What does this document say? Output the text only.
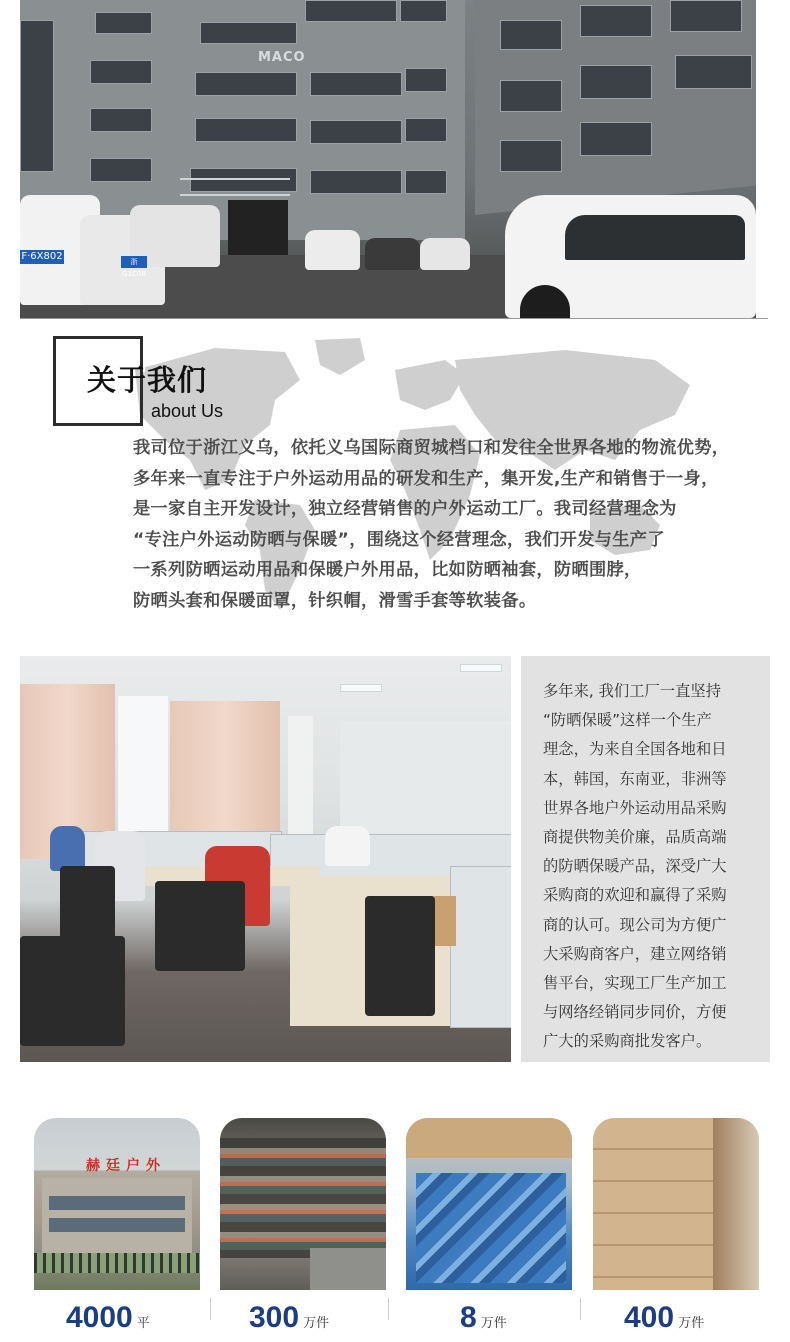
MACO
F·6X802	浙G1C08
关于我们
about Us
我司位于浙江义乌，依托义乌国际商贸城档口和发往全世界各地的物流优势，
多年来一直专注于户外运动用品的研发和生产，集开发,生产和销售于一身，
是一家自主开发设计，独立经营销售的户外运动工厂。我司经营理念为
“专注户外运动防晒与保暖”，围绕这个经营理念，我们开发与生产了
一系列防晒运动用品和保暖户外用品，比如防晒袖套，防晒围脖，
防晒头套和保暖面罩，针织帽，滑雪手套等软装备。
多年来, 我们工厂一直坚持
“防晒保暖”这样一个生产
理念，为来自全国各地和日
本，韩国，东南亚，非洲等
世界各地户外运动用品采购
商提供物美价廉，品质高端
的防晒保暖产品，深受广大
采购商的欢迎和赢得了采购
商的认可。现公司为方便广
大采购商客户，建立网络销
售平台，实现工厂生产加工
与网络经销同步同价，方便
广大的采购商批发客户。
赫廷户外
4000 平	300 万件	8 万件	400 万件
